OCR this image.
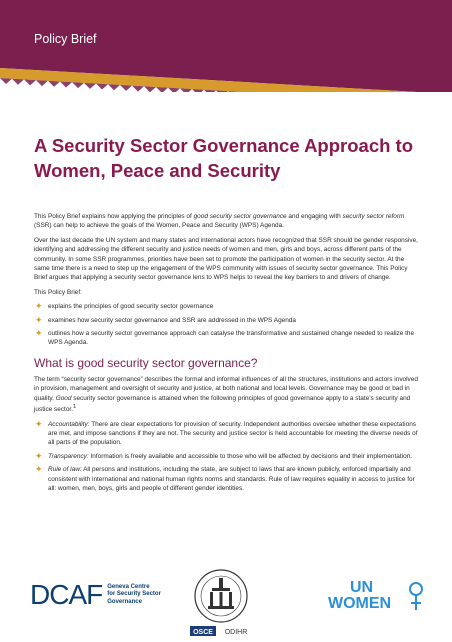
Policy Brief
A Security Sector Governance Approach to
Women, Peace and Security

This Policy Brief explains how applying the principles of good security sector governance and engaging with security sector reform (SSR) can help to achieve the goals of the Women, Peace and Security (WPS) Agenda.

Over the last decade the UN system and many states and international actors have recognized that SSR should be gender responsive, identifying and addressing the different security and justice needs of women and men, girls and boys, across different parts of the community. In some SSR programmes, priorities have been set to promote the participation of women in the security sector. At the same time there is a need to step up the engagement of the WPS community with issues of security sector governance. This Policy Brief argues that applying a security sector governance lens to WPS helps to reveal the key barriers to and drivers of change.

This Policy Brief:

✦ explains the principles of good security sector governance
✦ examines how security sector governance and SSR are addressed in the WPS Agenda
✦ outlines how a security sector governance approach can catalyse the transformative and sustained change needed to realize the WPS Agenda.
What is good security sector governance?

The term “security sector governance” describes the formal and informal influences of all the structures, institutions and actors involved in provision, management and oversight of security and justice, at both national and local levels. Governance may be good or bad in quality. Good security sector governance is attained when the following principles of good governance apply to a state’s security and justice sector.$^1$

✦ Accountability: There are clear expectations for provision of security. Independent authorities oversee whether these expectations are met, and impose sanctions if they are not. The security and justice sector is held accountable for meeting the diverse needs of all parts of the population.
✦ Transparency: Information is freely available and accessible to those who will be affected by decisions and their implementation.
✦ Rule of law: All persons and institutions, including the state, are subject to laws that are known publicly, enforced impartially and consistent with international and national human rights norms and standards. Rule of law requires equality in access to justice for all: women, men, boys, girls and people of different gender identities.
DCAF Geneva Centre
for Security Sector
Governance
OSCE ODIHR
UN
WOMEN
